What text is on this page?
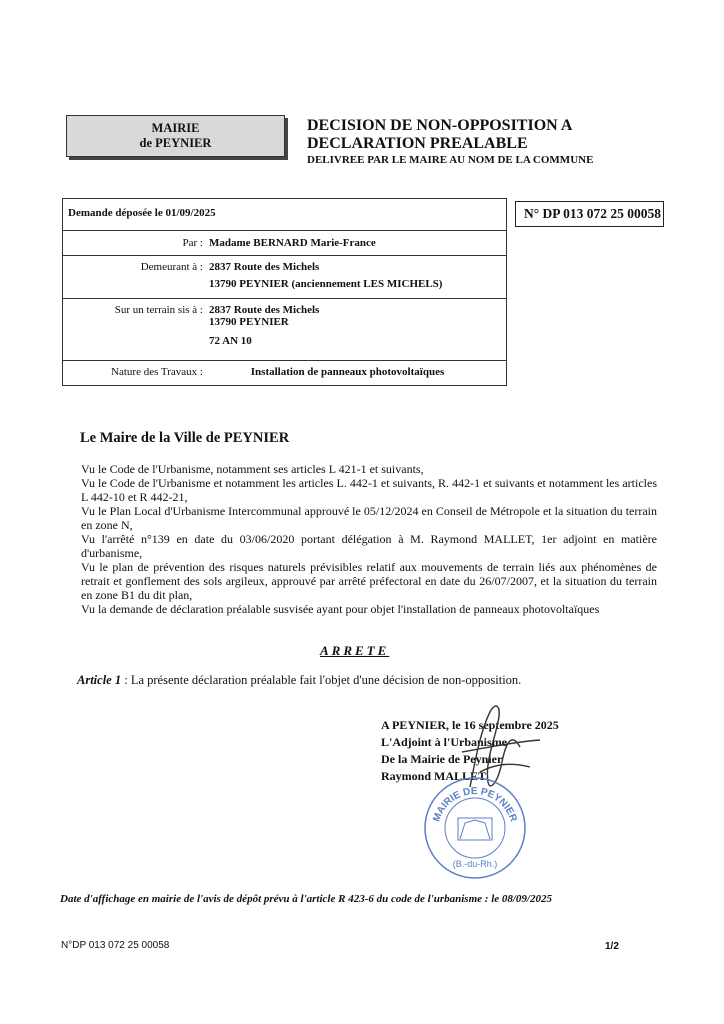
MAIRIE
de PEYNIER
DECISION DE NON-OPPOSITION A
DECLARATION PREALABLE
DELIVREE PAR LE MAIRE AU NOM DE LA COMMUNE
N° DP 013 072 25 00058
Demande déposée le 01/09/2025
Par : Madame BERNARD Marie-France
Demeurant à : 2837 Route des Michels
13790 PEYNIER (anciennement LES MICHELS)
Sur un terrain sis à : 2837 Route des Michels
13790 PEYNIER
72 AN 10
Nature des Travaux :	Installation de panneaux photovoltaïques
Le Maire de la Ville de PEYNIER

Vu le Code de l'Urbanisme, notamment ses articles L 421-1 et suivants,

Vu le Code de l'Urbanisme et notamment les articles L. 442-1 et suivants, R. 442-1 et suivants et notamment les articles L 442-10 et R 442-21,

Vu le Plan Local d'Urbanisme Intercommunal approuvé le 05/12/2024 en Conseil de Métropole et la situation du terrain en zone N,

Vu l'arrêté n°139 en date du 03/06/2020 portant délégation à M. Raymond MALLET, 1er adjoint en matière d'urbanisme,

Vu le plan de prévention des risques naturels prévisibles relatif aux mouvements de terrain liés aux phénomènes de retrait et gonflement des sols argileux, approuvé par arrêté préfectoral en date du 26/07/2007, et la situation du terrain en zone B1 du dit plan,

Vu la demande de déclaration préalable susvisée ayant pour objet l'installation de panneaux photovoltaïques

ARRETE
Article 1 : La présente déclaration préalable fait l'objet d'une décision de non-opposition.
A PEYNIER, le 16 septembre 2025
L'Adjoint à l'Urbanisme
De la Mairie de Peynier
Raymond MALLET
MAIRIE DE PEYNIER
(B.-du-Rh.)
Date d'affichage en mairie de l'avis de dépôt prévu à l'article R 423-6 du code de l'urbanisme : le 08/09/2025
N°DP 013 072 25 00058	1/2
